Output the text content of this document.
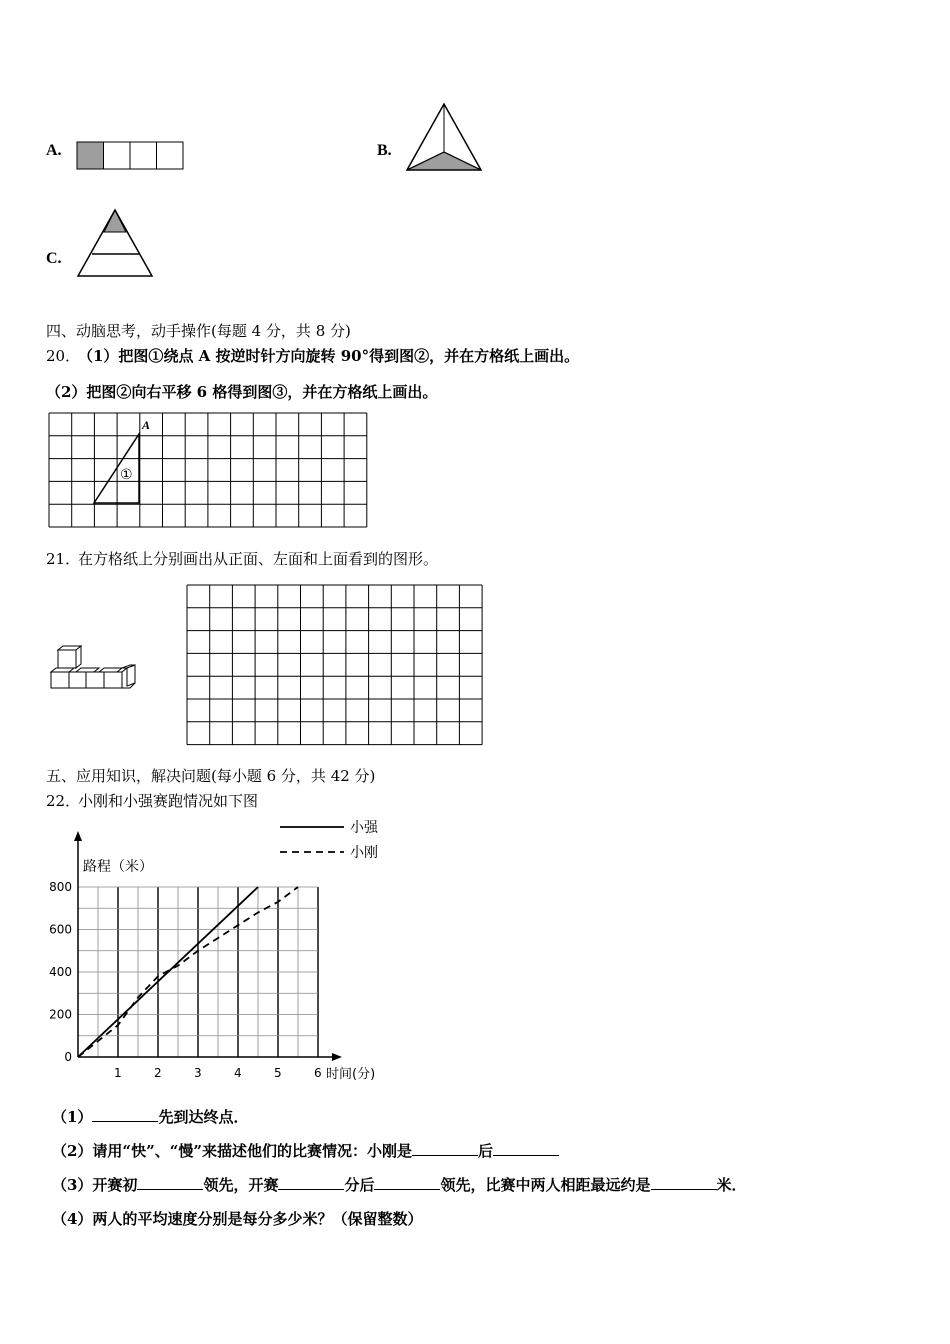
A.	B.
C.
四、动脑思考，动手操作(每题 4 分，共 8 分)
20．
（1）把图①绕点 A 按逆时针方向旋转 90°得到图②，并在方格纸上画出。
（2）把图②向右平移 6 格得到图③，并在方格纸上画出。
A
①
21．
在方格纸上分别画出从正面、左面和上面看到的图形。
五、应用知识，解决问题(每小题 6 分，共 42 分)
22．
小刚和小强赛跑情况如下图
1	2	3	4	5	6
0
200
400
600
800
小强
小刚
路程（米）
时间(分)
（1）	先到达终点．
（2）请用“快”、“慢”来描述他们的比赛情况：小刚是	后
（3）开赛初	领先，开赛	分后	领先，比赛中两人相距最远约是	米．
（4）两人的平均速度分别是每分多少米？（保留整数）
